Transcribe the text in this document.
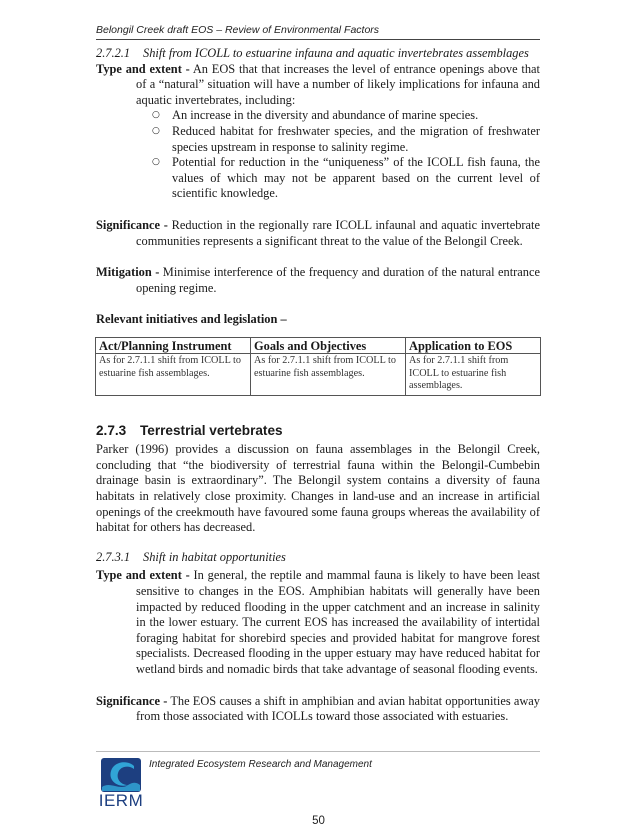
Belongil Creek draft EOS – Review of Environmental Factors
2.7.2.1	Shift from ICOLL to estuarine infauna and aquatic invertebrates assemblages

Type and extent - An EOS that that increases the level of entrance openings above that of a “natural” situation will have a number of likely implications for infauna and aquatic invertebrates, including:

○ An increase in the diversity and abundance of marine species.
○ Reduced habitat for freshwater species, and the migration of freshwater species upstream in response to salinity regime.
○ Potential for reduction in the “uniqueness” of the ICOLL fish fauna, the values of which may not be apparent based on the current level of scientific knowledge.

Significance - Reduction in the regionally rare ICOLL infaunal and aquatic invertebrate communities represents a significant threat to the value of the Belongil Creek.

Mitigation - Minimise interference of the frequency and duration of the natural entrance opening regime.

Relevant initiatives and legislation –
Act/Planning Instrument	Goals and Objectives	Application to EOS
As for 2.7.1.1 shift from ICOLL to estuarine fish assemblages.	As for 2.7.1.1 shift from ICOLL to estuarine fish assemblages.	As for 2.7.1.1 shift from ICOLL to estuarine fish assemblages.
2.7.3	Terrestrial vertebrates

Parker (1996) provides a discussion on fauna assemblages in the Belongil Creek, concluding that “the biodiversity of terrestrial fauna within the Belongil-Cumbebin drainage basin is extraordinary”. The Belongil system contains a diversity of fauna habitats in relatively close proximity. Changes in land-use and an increase in artificial openings of the creekmouth have favoured some fauna groups whereas the availability of habitat for others has decreased.

2.7.3.1	Shift in habitat opportunities

Type and extent - In general, the reptile and mammal fauna is likely to have been least sensitive to changes in the EOS. Amphibian habitats will generally have been impacted by reduced flooding in the upper catchment and an increase in salinity in the lower estuary. The current EOS has increased the availability of intertidal foraging habitat for shorebird species and provided habitat for mangrove forest specialists. Decreased flooding in the upper estuary may have reduced habitat for wetland birds and nomadic birds that take advantage of seasonal flooding events.

Significance - The EOS causes a shift in amphibian and avian habitat opportunities away from those associated with ICOLLs toward those associated with estuaries.

IERM
Integrated Ecosystem Research and Management
50
